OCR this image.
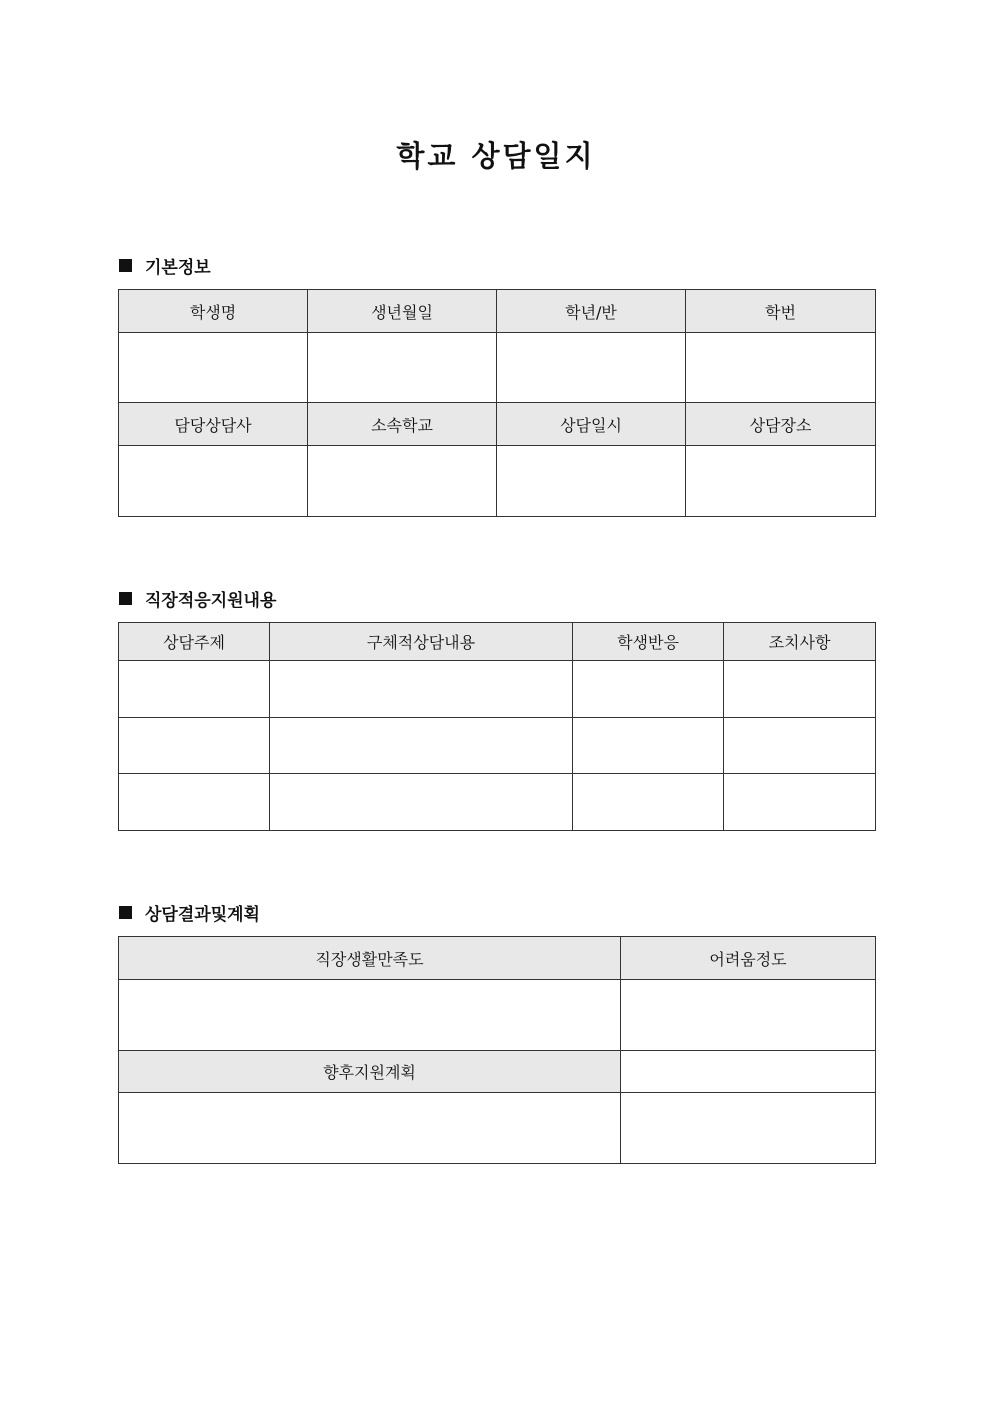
학교 상담일지
기본정보
학생명	생년월일	학년/반	학번

담당상담사	소속학교	상담일시	상담장소

직장적응지원내용
상담주제	구체적상담내용	학생반응	조치사항

상담결과및계획
직장생활만족도	어려움정도

향후지원계획	
